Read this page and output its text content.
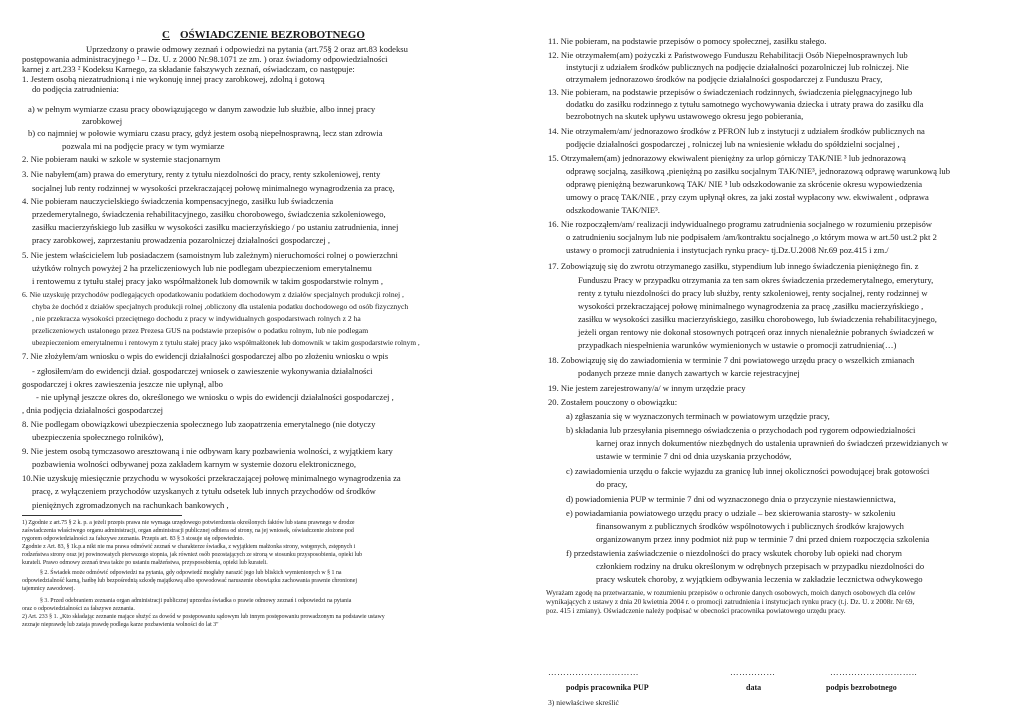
C OŚWIADCZENIE BEZROBOTNEGO
Uprzedzony o prawie odmowy zeznań i odpowiedzi na pytania (art.75§ 2 oraz art.83 kodeksu
postępowania administracyjnego ¹ – Dz. U. z 2000 Nr.98.1071 ze zm. ) oraz świadomy odpowiedzialności
karnej z art.233 ² Kodeksu Karnego, za składanie fałszywych zeznań, oświadczam, co następuje:
1. Jestem osobą niezatrudnioną i nie wykonuję innej pracy zarobkowej, zdolną i gotową
do podjęcia zatrudnienia:
a) w pełnym wymiarze czasu pracy obowiązującego w danym zawodzie lub służbie, albo innej pracy
zarobkowej
b) co najmniej w połowie wymiaru czasu pracy, gdyż jestem osobą niepełnosprawną, lecz stan zdrowia
pozwala mi na podjęcie pracy w tym wymiarze
2. Nie pobieram nauki w szkole w systemie stacjonarnym
3. Nie nabyłem(am) prawa do emerytury, renty z tytułu niezdolności do pracy, renty szkoleniowej, renty
socjalnej lub renty rodzinnej w wysokości przekraczającej połowę minimalnego wynagrodzenia za pracę,
4. Nie pobieram nauczycielskiego świadczenia kompensacyjnego, zasiłku lub świadczenia
przedemerytalnego, świadczenia rehabilitacyjnego, zasiłku chorobowego, świadczenia szkoleniowego,
zasiłku macierzyńskiego lub zasiłku w wysokości zasiłku macierzyńskiego / po ustaniu zatrudnienia, innej
pracy zarobkowej, zaprzestaniu prowadzenia pozarolniczej działalności gospodarczej ,
5. Nie jestem właścicielem lub posiadaczem (samoistnym lub zależnym) nieruchomości rolnej o powierzchni
użytków rolnych powyżej 2 ha przeliczeniowych lub nie podlegam ubezpieczeniom emerytalnemu
i rentowemu z tytułu stałej pracy jako współmałżonek lub domownik w takim gospodarstwie rolnym ,
6. Nie uzyskuję przychodów podlegających opodatkowaniu podatkiem dochodowym z działów specjalnych produkcji rolnej ,
chyba że dochód z działów specjalnych produkcji rolnej ,obliczony dla ustalenia podatku dochodowego od osób fizycznych
, nie przekracza wysokości przeciętnego dochodu z pracy w indywidualnych gospodarstwach rolnych z 2 ha
przeliczeniowych ustalonego przez Prezesa GUS na podstawie przepisów o podatku rolnym, lub nie podlegam
ubezpieczeniom emerytalnemu i rentowym z tytułu stałej pracy jako współmałżonek lub domownik w takim gospodarstwie rolnym ,
7. Nie złożyłem/am wniosku o wpis do ewidencji działalności gospodarczej albo po złożeniu wniosku o wpis
- zgłosiłem/am do ewidencji dział. gospodarczej wniosek o zawieszenie wykonywania działalności
gospodarczej i okres zawieszenia jeszcze nie upłynął, albo
- nie upłynął jeszcze okres do, określonego we wniosku o wpis do ewidencji działalności gospodarczej ,
, dnia podjęcia działalności gospodarczej
8. Nie podlegam obowiązkowi ubezpieczenia społecznego lub zaopatrzenia emerytalnego (nie dotyczy
ubezpieczenia społecznego rolników),
9. Nie jestem osobą tymczasowo aresztowaną i nie odbywam kary pozbawienia wolności, z wyjątkiem kary
pozbawienia wolności odbywanej poza zakładem karnym w systemie dozoru elektronicznego,
10.Nie uzyskuję miesięcznie przychodu w wysokości przekraczającej połowę minimalnego wynagrodzenia za
pracę, z wyłączeniem przychodów uzyskanych z tytułu odsetek lub innych przychodów od środków
pieniężnych zgromadzonych na rachunkach bankowych ,
1) Zgodnie z art.75 § 2 k. p. a jeżeli przepis prawa nie wymaga urzędowego potwierdzenia określonych faktów lub stanu prawnego w drodze
zaświadczenia właściwego organu administracji, organ administracji publicznej odbiera od strony, na jej wniosek, oświadczenie złożone pod
rygorem odpowiedzialności za fałszywe zeznania. Przepis art. 83 § 3 stosuje się odpowiednio.
Zgodnie z Art. 83, § 1k.p.a nikt nie ma prawa odmówić zeznań w charakterze świadka, z wyjątkiem małżonka strony, wstępnych, zstępnych i
rodzeństwa strony oraz jej powinowatych pierwszego stopnia, jak również osób pozostających ze stroną w stosunku przysposobienia, opieki lub
kurateli. Prawo odmowy zeznań trwa także po ustaniu małżeństwa, przysposobienia, opieki lub kurateli.
§ 2. Świadek może odmówić odpowiedzi na pytania, gdy odpowiedź mogłaby narazić jego lub bliskich wymienionych w § 1 na
odpowiedzialność karną, hańbę lub bezpośrednią szkodę majątkową albo spowodować naruszenie obowiązku zachowania prawnie chronionej
tajemnicy zawodowej.
§ 3. Przed odebraniem zeznania organ administracji publicznej uprzedza świadka o prawie odmowy zeznań i odpowiedzi na pytania
oraz o odpowiedzialności za fałszywe zeznania.
2) Art. 233 § 1. „Kto składając zeznanie mające służyć za dowód w postępowaniu sądowym lub innym postępowaniu prowadzonym na podstawie ustawy
zeznaje nieprawdę lub zataja prawdę podlega karze pozbawienia wolności do lat 3"
11. Nie pobieram, na podstawie przepisów o pomocy społecznej, zasiłku stałego.
12. Nie otrzymałem(am) pożyczki z Państwowego Funduszu Rehabilitacji Osób Niepełnosprawnych lub
instytucji z udziałem środków publicznych na podjęcie działalności pozarolniczej lub rolniczej. Nie
otrzymałem jednorazowo środków na podjęcie działalności gospodarczej z Funduszu Pracy,
13. Nie pobieram, na podstawie przepisów o świadczeniach rodzinnych, świadczenia pielęgnacyjnego lub
dodatku do zasiłku rodzinnego z tytułu samotnego wychowywania dziecka i utraty prawa do zasiłku dla
bezrobotnych na skutek upływu ustawowego okresu jego pobierania,
14. Nie otrzymałem/am/ jednorazowo środków z PFRON lub z instytucji z udziałem środków publicznych na
podjęcie działalności gospodarczej , rolniczej lub na wniesienie wkładu do spółdzielni socjalnej ,
15. Otrzymałem(am) jednorazowy ekwiwalent pieniężny za urlop górniczy TAK/NIE ³ lub jednorazową
odprawę socjalną, zasiłkową ,pieniężną po zasiłku socjalnym TAK/NIE³, jednorazową odprawę warunkową lub
odprawę pieniężną bezwarunkową TAK/ NIE ³ lub odszkodowanie za skrócenie okresu wypowiedzenia
umowy o pracę TAK/NIE , przy czym upłynął okres, za jaki został wypłacony ww. ekwiwalent , odprawa
odszkodowanie TAK/NIE³.
16. Nie rozpocząłem/am/ realizacji indywidualnego programu zatrudnienia socjalnego w rozumieniu przepisów
o zatrudnieniu socjalnym lub nie podpisałem /am/kontraktu socjalnego ,o którym mowa w art.50 ust.2 pkt 2
ustawy o promocji zatrudnienia i instytucjach rynku pracy- tj.Dz.U.2008 Nr.69 poz.415 i zm./
17. Zobowiązuję się do zwrotu otrzymanego zasiłku, stypendium lub innego świadczenia pieniężnego fin. z
Funduszu Pracy w przypadku otrzymania za ten sam okres świadczenia przedemerytalnego, emerytury,
renty z tytułu niezdolności do pracy lub służby, renty szkoleniowej, renty socjalnej, renty rodzinnej w
wysokości przekraczającej połowę minimalnego wynagrodzenia za pracę ,zasiłku macierzyńskiego ,
zasiłku w wysokości zasiłku macierzyńskiego, zasiłku chorobowego, lub świadczenia rehabilitacyjnego,
jeżeli organ rentowy nie dokonał stosownych potrąceń oraz innych nienależnie pobranych świadczeń w
przypadkach niespełnienia warunków wymienionych w ustawie o promocji zatrudnienia(…)
18. Zobowiązuję się do zawiadomienia w terminie 7 dni powiatowego urzędu pracy o wszelkich zmianach
podanych przeze mnie danych zawartych w karcie rejestracyjnej
19. Nie jestem zarejestrowany/a/ w innym urzędzie pracy
20. Zostałem pouczony o obowiązku:
a) zgłaszania się w wyznaczonych terminach w powiatowym urzędzie pracy,
b) składania lub przesyłania pisemnego oświadczenia o przychodach pod rygorem odpowiedzialności
karnej oraz innych dokumentów niezbędnych do ustalenia uprawnień do świadczeń przewidzianych w
ustawie w terminie 7 dni od dnia uzyskania przychodów,
c) zawiadomienia urzędu o fakcie wyjazdu za granicę lub innej okoliczności powodującej brak gotowości
do pracy,
d) powiadomienia PUP w terminie 7 dni od wyznaczonego dnia o przyczynie niestawiennictwa,
e) powiadamiania powiatowego urzędu pracy o udziale – bez skierowania starosty- w szkoleniu
finansowanym z publicznych środków wspólnotowych i publicznych środków krajowych
organizowanym przez inny podmiot niż pup w terminie 7 dni przed dniem rozpoczęcia szkolenia
f) przedstawienia zaświadczenie o niezdolności do pracy wskutek choroby lub opieki nad chorym
członkiem rodziny na druku określonym w odrębnych przepisach w przypadku niezdolności do
pracy wskutek choroby, z wyjątkiem odbywania leczenia w zakładzie lecznictwa odwykowego
Wyrażam zgodę na przetwarzanie, w rozumieniu przepisów o ochronie danych osobowych, moich danych osobowych dla celów
wynikających z ustawy z dnia 20 kwietnia 2004 r. o promocji zatrudnienia i instytucjach rynku pracy (t.j. Dz. U. z 2008r. Nr 69,
poz. 415 i zmiany). Oświadczenie należy podpisać w obecności pracownika powiatowego urzędu pracy.
…………………………	……………	………………………..
podpis pracownika PUP	data	podpis bezrobotnego
3) niewłaściwe skreślić
